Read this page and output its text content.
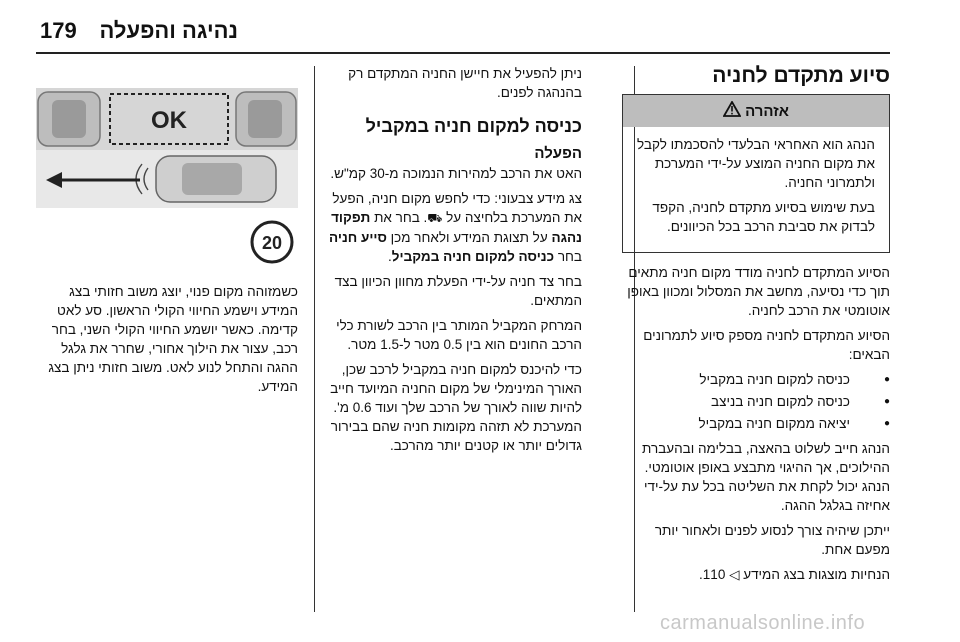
179 נהיגה והפעלה
סיוע מתקדם לחניה
אזהרה

הנהג הוא האחראי הבלעדי להסכמתו לקבל את מקום החניה המוצע על-ידי המערכת ולתמרוני החניה.

בעת שימוש בסיוע מתקדם לחניה, הקפד לבדוק את סביבת הרכב בכל הכיוונים.

הסיוע המתקדם לחניה מודד מקום חניה מתאים תוך כדי נסיעה, מחשב את המסלול ומכוון באופן אוטומטי את הרכב לחניה.

הסיוע המתקדם לחניה מספק סיוע לתמרונים הבאים:

● כניסה למקום חניה במקביל
● כניסה למקום חניה בניצב
● יציאה ממקום חניה במקביל

הנהג חייב לשלוט בהאצה, בבלימה ובהעברת ההילוכים, אך ההיגוי מתבצע באופן אוטומטי. הנהג יכול לקחת את השליטה בכל עת על-ידי אחיזה בגלגל ההגה.

ייתכן שיהיה צורך לנסוע לפנים ולאחור יותר מפעם אחת.

הנחיות מוצגות בצג המידע ◁ 110.

ניתן להפעיל את חיישן החניה המתקדם רק בהנהגה לפנים.

כניסה למקום חניה במקביל
הפעלה

האט את הרכב למהירות הנמוכה מ-30 קמ"ש.

צג מידע צבעוני: כדי לחפש מקום חניה, הפעל את המערכת בלחיצה על ⛟. בחר את תפקוד נהגה על תצוגת המידע ולאחר מכן סייע חניה בחר כניסה למקום חניה במקביל.

בחר צד חניה על-ידי הפעלת מחוון הכיוון בצד המתאים.

המרחק המקביל המותר בין הרכב לשורת כלי הרכב החונים הוא בין 0.5 מטר ל-1.5 מטר.

כדי להיכנס למקום חניה במקביל לרכב שכן, האורך המינימלי של מקום החניה המיועד חייב להיות שווה לאורך של הרכב שלך ועוד 0.6 מ'. המערכת לא תזהה מקומות חניה שהם בבירור גדולים יותר או קטנים יותר מהרכב.

OK
20

כשמזוהה מקום פנוי, יוצג משוב חזותי בצג המידע וישמע החיווי הקולי הראשון. סע לאט קדימה. כאשר יושמע החיווי הקולי השני, בחר רכב, עצור את הילוך אחורי, שחרר את גלגל ההגה והתחל לנוע לאט. משוב חזותי ניתן בצג המידע.

carmanualsonline.info
